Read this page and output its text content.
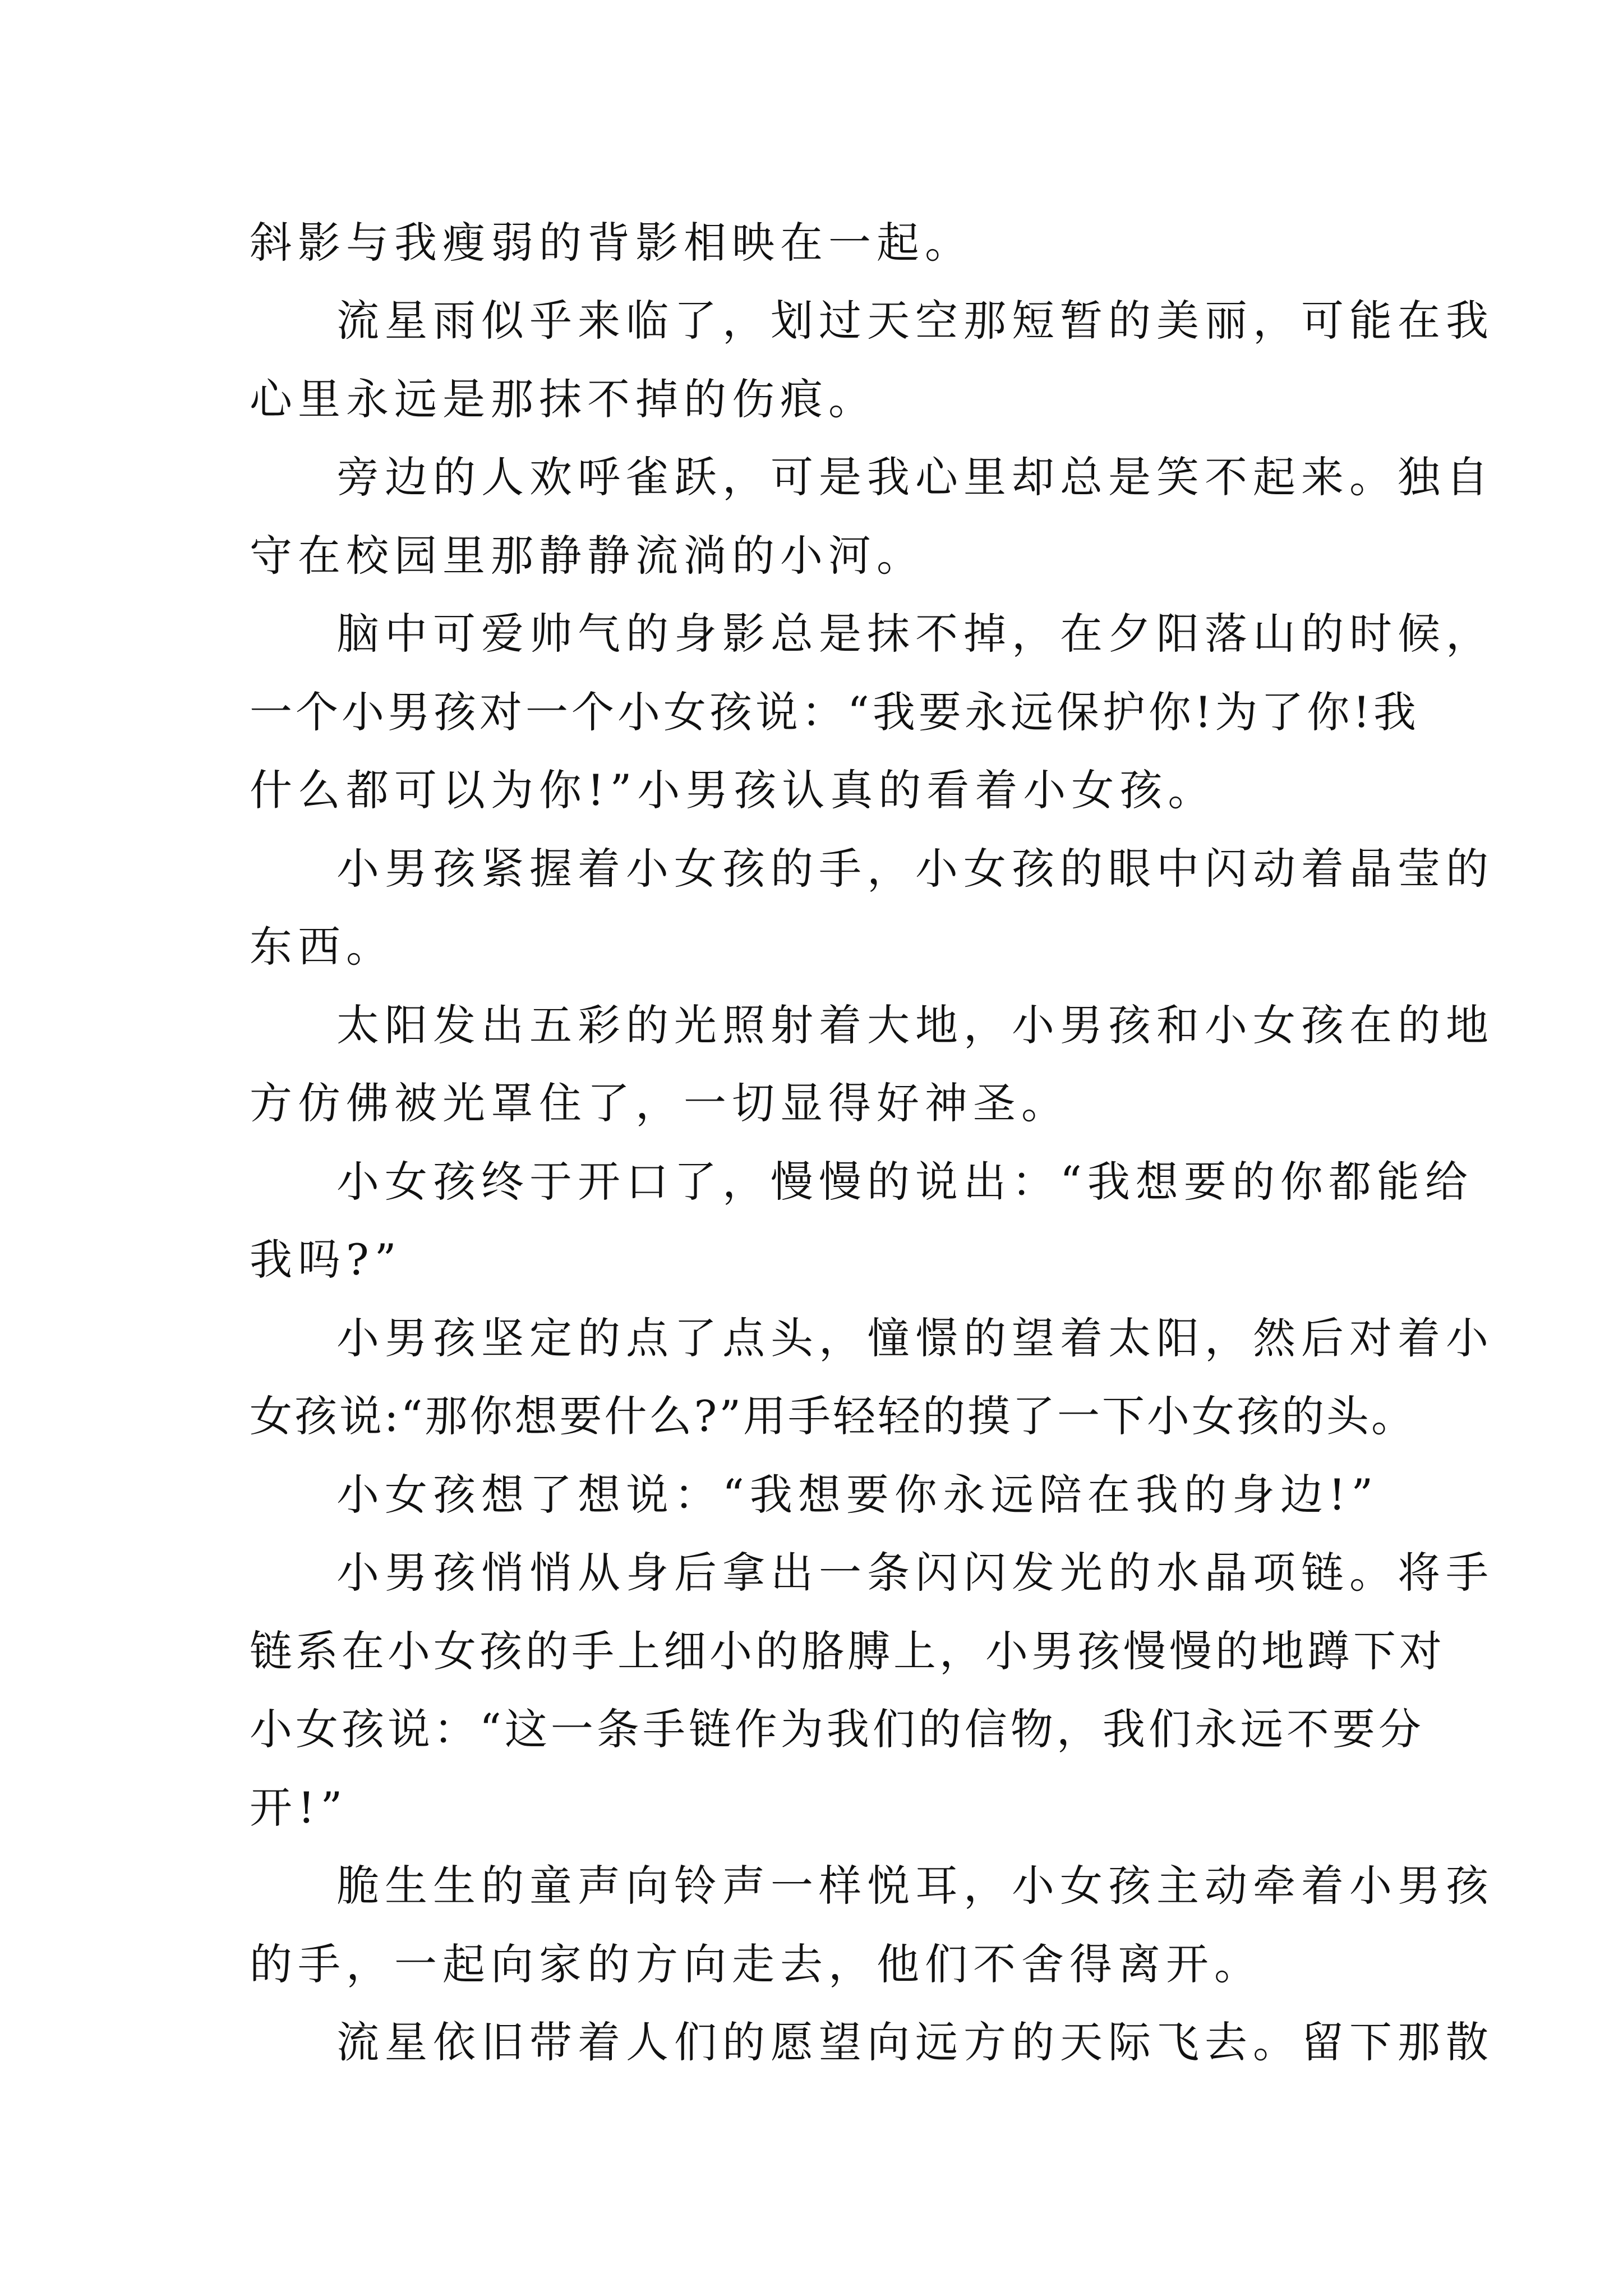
斜影与我瘦弱的背影相映在一起。
流星雨似乎来临了，划过天空那短暂的美丽，可能在我
心里永远是那抹不掉的伤痕。
旁边的人欢呼雀跃，可是我心里却总是笑不起来。独自
守在校园里那静静流淌的小河。
脑中可爱帅气的身影总是抹不掉，在夕阳落山的时候，
一个小男孩对一个小女孩说：“我要永远保护你!为了你!我
什么都可以为你!”小男孩认真的看着小女孩。
小男孩紧握着小女孩的手，小女孩的眼中闪动着晶莹的
东西。
太阳发出五彩的光照射着大地，小男孩和小女孩在的地
方仿佛被光罩住了，一切显得好神圣。
小女孩终于开口了，慢慢的说出：“我想要的你都能给
我吗?”
小男孩坚定的点了点头，憧憬的望着太阳，然后对着小
女孩说:“那你想要什么?”用手轻轻的摸了一下小女孩的头。
小女孩想了想说：“我想要你永远陪在我的身边!”
小男孩悄悄从身后拿出一条闪闪发光的水晶项链。将手
链系在小女孩的手上细小的胳膊上，小男孩慢慢的地蹲下对
小女孩说：“这一条手链作为我们的信物，我们永远不要分
开!”
脆生生的童声向铃声一样悦耳，小女孩主动牵着小男孩
的手，一起向家的方向走去，他们不舍得离开。
流星依旧带着人们的愿望向远方的天际飞去。留下那散
